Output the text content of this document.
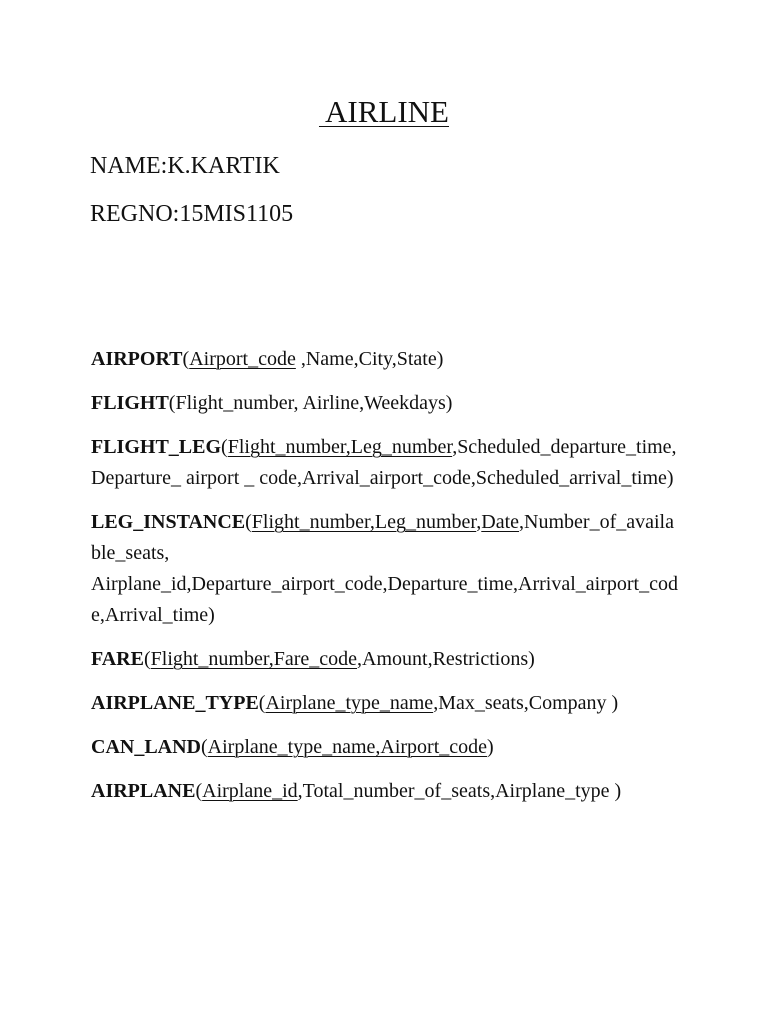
AIRLINE
NAME:K.KARTIK
REGNO:15MIS1105
AIRPORT(Airport_code ,Name,City,State)
FLIGHT(Flight_number, Airline,Weekdays)
FLIGHT_LEG(Flight_number,Leg_number,Scheduled_departure_time,Departure_ airport _ code,Arrival_airport_code,Scheduled_arrival_time)
LEG_INSTANCE(Flight_number,Leg_number,Date,Number_of_available_seats, Airplane_id,Departure_airport_code,Departure_time,Arrival_airport_code,Arrival_time)
FARE(Flight_number,Fare_code,Amount,Restrictions)
AIRPLANE_TYPE(Airplane_type_name,Max_seats,Company )
CAN_LAND(Airplane_type_name,Airport_code)
AIRPLANE(Airplane_id,Total_number_of_seats,Airplane_type )
